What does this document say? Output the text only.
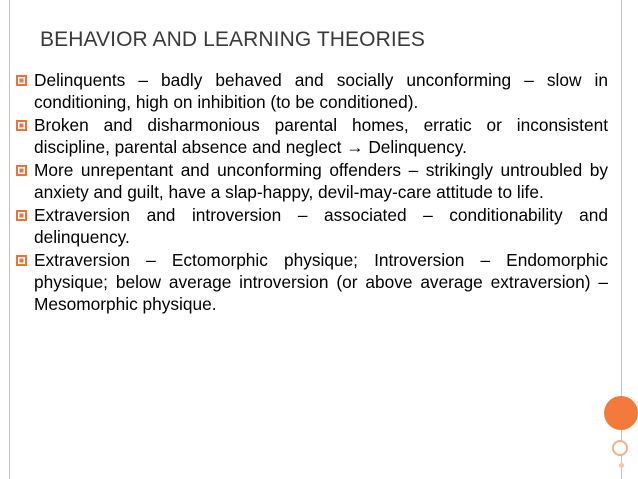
BEHAVIOR AND LEARNING THEORIES
Delinquents – badly behaved and socially unconforming – slow in conditioning, high on inhibition (to be conditioned).
Broken and disharmonious parental homes, erratic or inconsistent discipline, parental absence and neglect → Delinquency.
More unrepentant and unconforming offenders – strikingly untroubled by anxiety and guilt, have a slap-happy, devil-may-care attitude to life.
Extraversion and introversion – associated – conditionability and delinquency.
Extraversion – Ectomorphic physique; Introversion – Endomorphic physique; below average introversion (or above average extraversion) – Mesomorphic physique.
